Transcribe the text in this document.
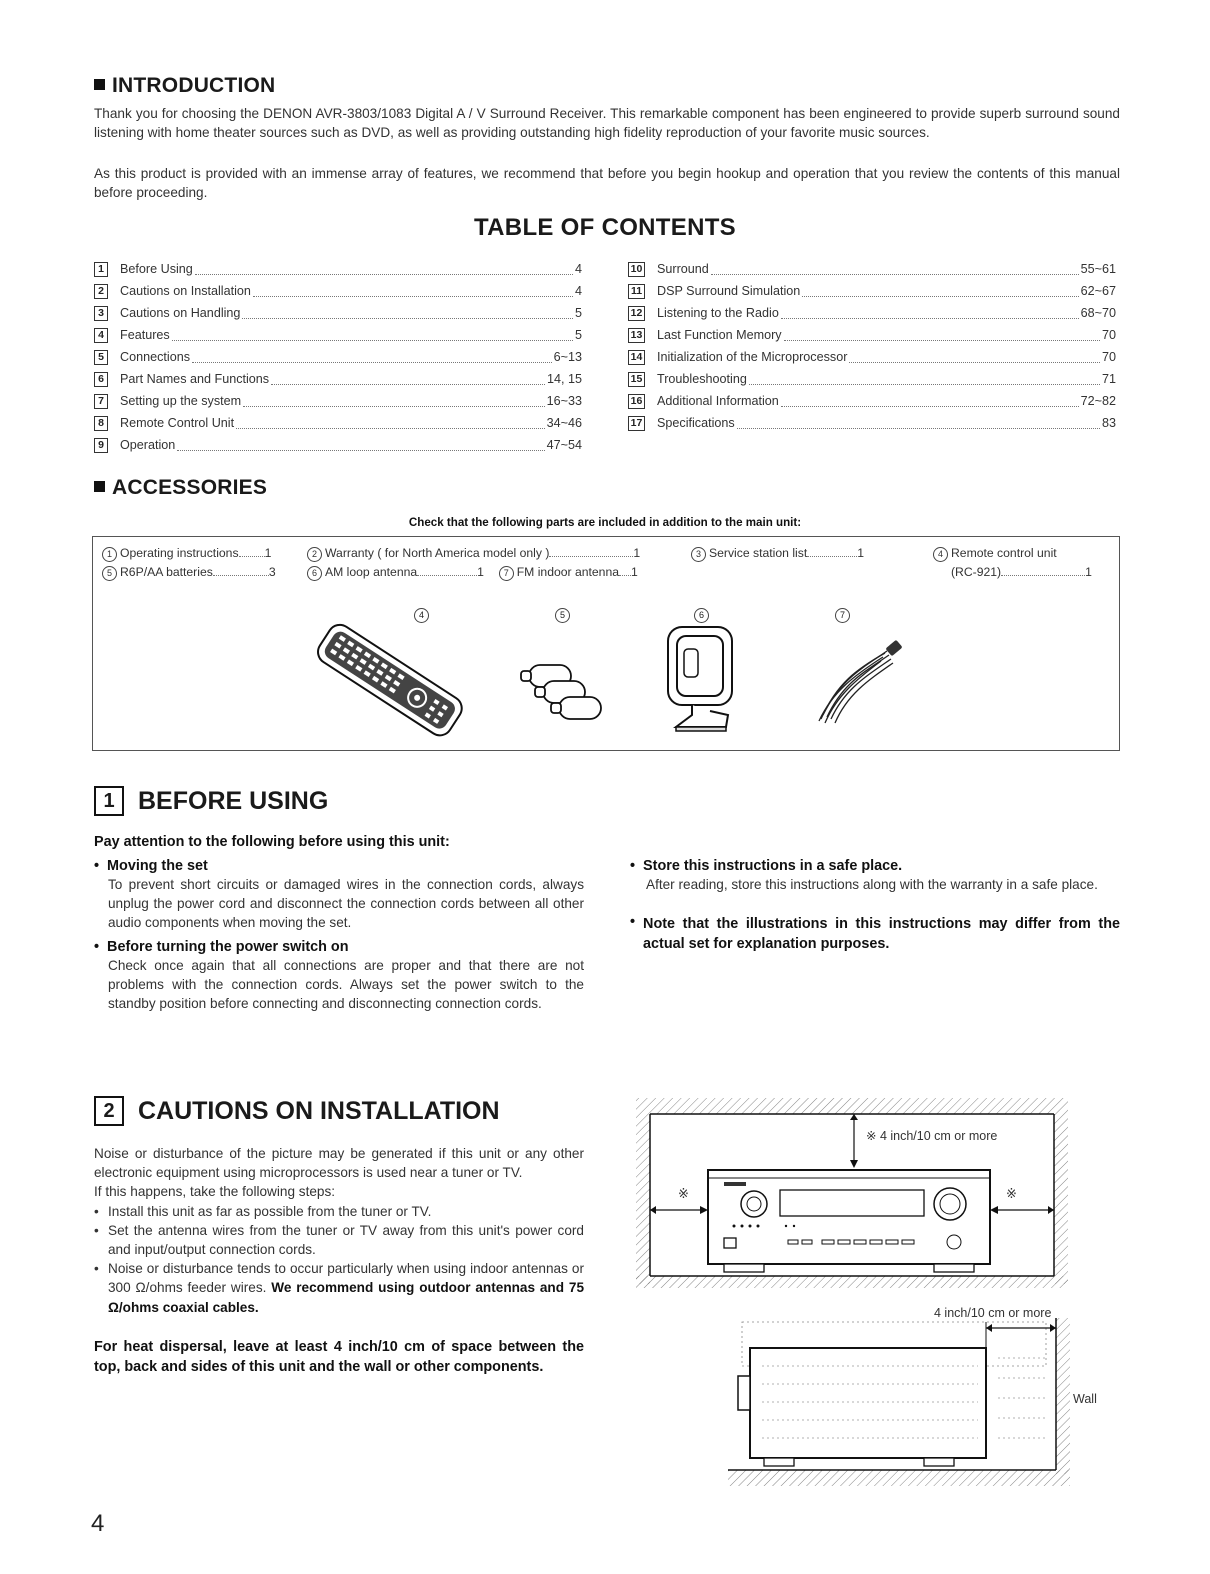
INTRODUCTION
Thank you for choosing the DENON AVR-3803/1083 Digital A / V Surround Receiver. This remarkable component has been engineered to provide superb surround sound listening with home theater sources such as DVD, as well as providing outstanding high fidelity reproduction of your favorite music sources.
As this product is provided with an immense array of features, we recommend that before you begin hookup and operation that you review the contents of this manual before proceeding.
TABLE OF CONTENTS
1	Before Using	4
2	Cautions on Installation	4
3	Cautions on Handling	5
4	Features	5
5	Connections	6~13
6	Part Names and Functions	14, 15
7	Setting up the system	16~33
8	Remote Control Unit	34~46
9	Operation	47~54
10 Surround	55~61
11 DSP Surround Simulation	62~67
12 Listening to the Radio	68~70
13 Last Function Memory	70
14 Initialization of the Microprocessor	70
15 Troubleshooting	71
16 Additional Information	72~82
17 Specifications	83
ACCESSORIES
Check that the following parts are included in addition to the main unit:
1 Operating instructions 1	2 Warranty ( for North America model only )	1	3 Service station list	1	4 Remote control unit
(RC-921)	1
5 R6P/AA batteries	3	6 AM loop antenna	1 7 FM indoor antenna 1
4	5	6	7
1 BEFORE USING
Pay attention to the following before using this unit:
• Moving the set
To prevent short circuits or damaged wires in the connection cords, always unplug the power cord and disconnect the connection cords between all other audio components when moving the set.
• Before turning the power switch on
Check once again that all connections are proper and that there are not problems with the connection cords. Always set the power switch to the standby position before connecting and disconnecting connection cords.
• Store this instructions in a safe place.
After reading, store this instructions along with the warranty in a safe place.
• Note that the illustrations in this instructions may differ from the actual set for explanation purposes.
2 CAUTIONS ON INSTALLATION
Noise or disturbance of the picture may be generated if this unit or any other electronic equipment using microprocessors is used near a tuner or TV.
If this happens, take the following steps:
• Install this unit as far as possible from the tuner or TV.
• Set the antenna wires from the tuner or TV away from this unit's power cord and input/output connection cords.
• Noise or disturbance tends to occur particularly when using indoor antennas or 300 Ω/ohms feeder wires. We recommend using outdoor antennas and 75 Ω/ohms coaxial cables.
For heat dispersal, leave at least 4 inch/10 cm of space between the top, back and sides of this unit and the wall or other components.
※ 4 inch/10 cm or more
※	※
4 inch/10 cm or more
Wall
4
